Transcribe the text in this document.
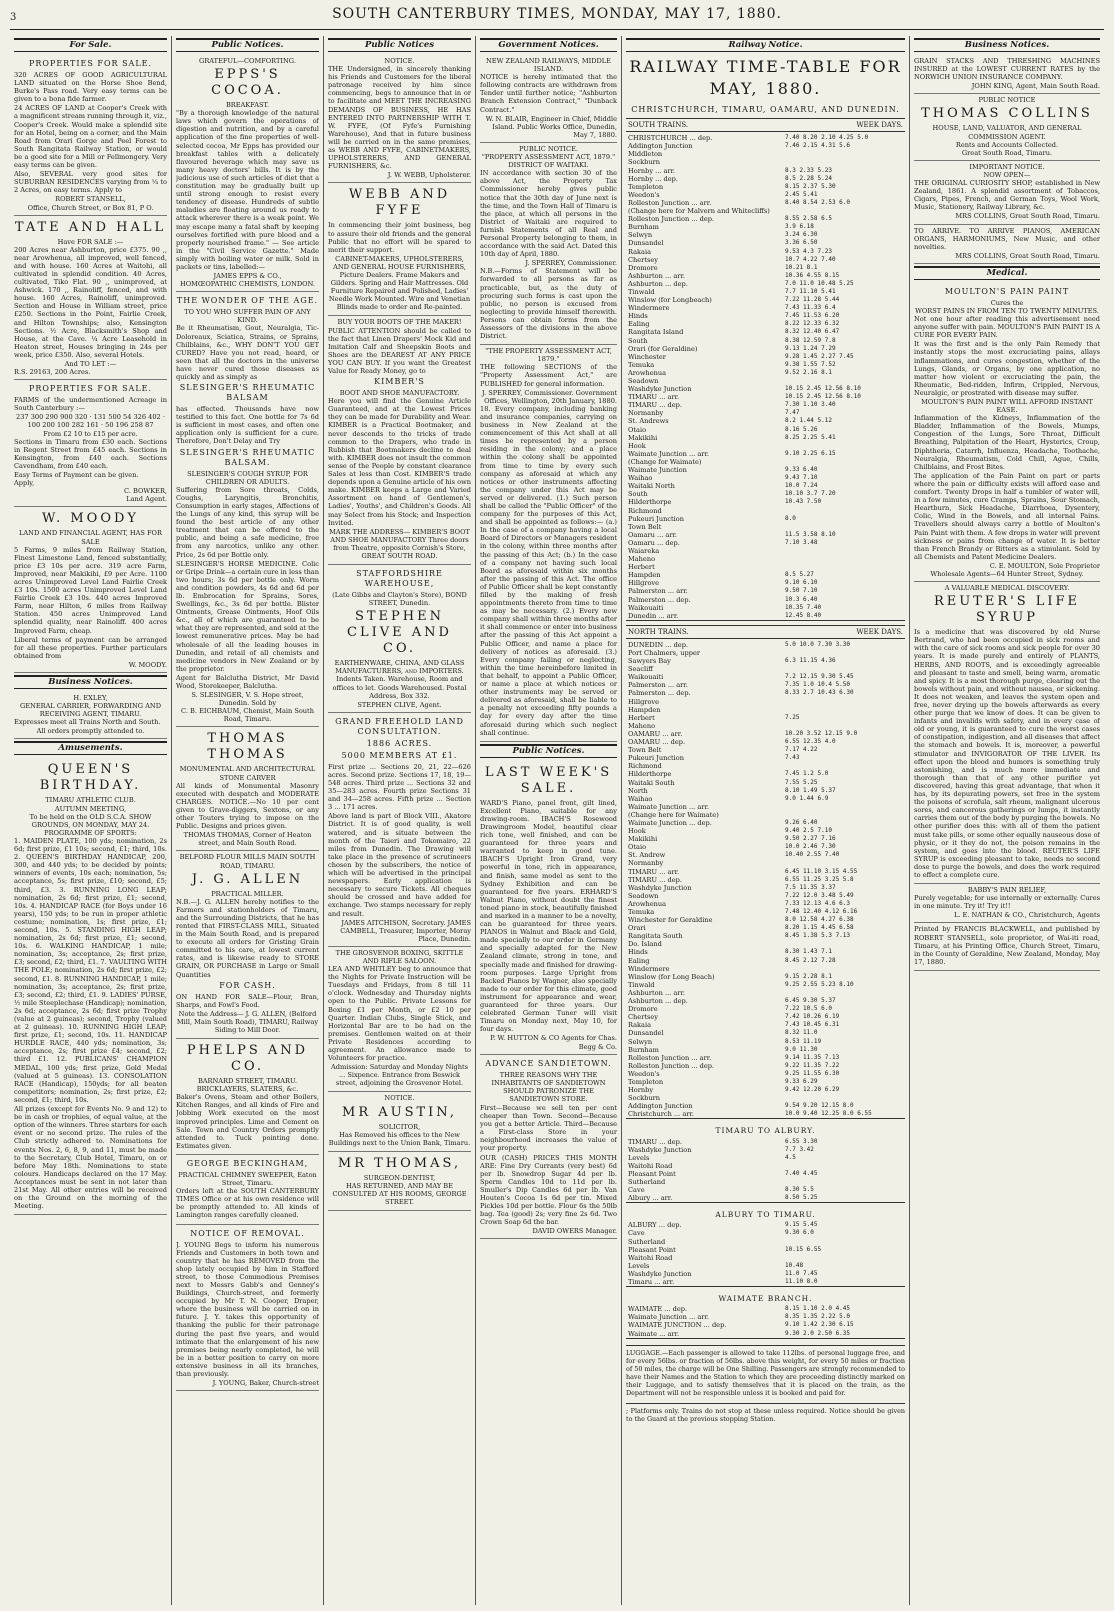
3	SOUTH CANTERBURY TIMES, MONDAY, MAY 17, 1880.
For Sale.
PROPERTIES FOR SALE.

320 ACRES OF GOOD AGRICULTURAL LAND situated on the Horse Shoe Bend, Burke's Pass road. Very easy terms can be given to a bona fide farmer.

24 ACRES OF LAND at Cooper's Creek with a magnificent stream running through it, viz., Cooper's Creek. Would make a splendid site for an Hotel, being on a corner, and the Main Road from Orari Gorge and Peel Forest to South Rangitata Railway Station, or would be a good site for a Mill or Fellmongery. Very easy terms can be given.

Also, SEVERAL very good sites for SUBURBAN RESIDENCES varying from ¼ to 2 Acres, on easy terms. Apply to

ROBERT STANSELL,
Office, Church Street, or Box 81, P O.
TATE AND HALL
Have FOR SALE :—

200 Acres near Ashburton, price £375. 90 ,, near Arowhenua, all improved, well fenced, and with house. 160 Acres at Waitohi, all cultivated in splendid condition. 40 Acres, cultivated, Tiko Flat. 90 ,, unimproved, at Ashwick. 170 ,, Rainoliff, fenced, and with house. 160 Acres, Rainoliff, unimproved. Section and House in William street, price £250. Sections in the Point, Fairlie Creek, and Hilton Townships; also, Kensington Sections. ½ Acre, Blacksmith's Shop and House, at the Cave. ¼ Acre Leasehold in Heaton street, Houses bringing in 24s per week, price £350. Also, several Hotels.

And TO LET :—
R.S. 29163, 200 Acres.
PROPERTIES FOR SALE.

FARMS of the undermentioned Acreage in South Canterbury :—

237 300 290 900 320 · 131 500 54 326 402 · 100 200 100 282 161 · 50 196 258 87
From £2 10 to £15 per acre.

Sections in Timaru from £30 each. Sections in Regent Street from £45 each. Sections in Kensington, from £40 each. Sections Cavendham, from £40 each.

Easy Terms of Payment can be given.
Apply,
C. BOWKER,
Land Agent.
W. MOODY
LAND AND FINANCIAL AGENT, HAS FOR SALE

5 Farms, 9 miles from Railway Station, Finest Limestone Land, fenced substantially, price £3 10s per acre. 319 acre Farm, Improved, near Makikihi, £9 per Acre. 1100 acres Unimproved Level Land Fairlie Creek £3 10s. 1500 acres Unimproved Level Land Fairlie Creek £3 10s. 440 acres Improved Farm, near Hilton, 6 miles from Railway Station. 450 acres Unimproved Land splendid quality, near Rainoliff. 400 acres Improved Farm, cheap.

Liberal terms of payment can be arranged for all these properties. Further particulars obtained from

W. MOODY.
Business Notices.
H. EXLEY,
GENERAL CARRIER, FORWARDING AND RECEIVING AGENT, TIMARU.

Expresses meet all Trains North and South.

All orders promptly attended to.
Amusements.
QUEEN'S BIRTHDAY.
TIMARU ATHLETIC CLUB.
AUTUMN MEETING,
To be held on the OLD S.C.A. SHOW GROUNDS, ON MONDAY, MAY 24.
PROGRAMME OF SPORTS:

1. MAIDEN PLATE, 100 yds; nomination, 2s 6d; first prize, £1 10s; second, £1; third, 10s. 2. QUEEN'S BIRTHDAY HANDICAP, 200, 300, and 440 yds; to be decided by points; winners of events, 10s each; nomination, 5s; acceptance, 5s; first prize, £10; second, £5; third, £3. 3. RUNNING LONG LEAP; nomination, 2s 6d; first prize, £1; second, 10s. 4. HANDICAP RACE (for Boys under 16 years), 150 yds; to be run in proper athletic costume; nomination, 1s; first prize, £1; second, 10s. 5. STANDING HIGH LEAP; nomination, 2s 6d; first prize, £1; second, 10s. 6. WALKING HANDICAP, 1 mile; nomination, 3s; acceptance, 2s; first prize, £3; second, £2; third, £1. 7. VAULTING WITH THE POLE; nomination, 2s 6d; first prize, £2; second, £1. 8. RUNNING HANDICAP, 1 mile; nomination, 3s; acceptance, 2s; first prize, £3; second, £2; third, £1. 9. LADIES' PURSE, ½ mile Steeplechase (Handicap); nomination, 2s 6d; acceptance, 2s 6d; first prize Trophy (value at 2 guineas); second, Trophy (valued at 2 guineas). 10. RUNNING HIGH LEAP; first prize, £1; second, 10s. 11. HANDICAP HURDLE RACE, 440 yds; nomination, 3s; acceptance, 2s; first prize £4; second, £2; third £1. 12. PUBLICANS' CHAMPION MEDAL, 100 yds; first prize, Gold Medal (valued at 5 guineas). 13. CONSOLATION RACE (Handicap), 150yds; for all beaten competitors; nomination, 2s; first prize, £2; second, £1; third, 10s.

All prizes (except for Events No. 9 and 12) to be in cash or trophies, of equal value, at the option of the winners. Three starters for each event or no second prize. The rules of the Club strictly adhered to. Nominations for events Nos. 2, 6, 8, 9, and 11, must be made to the Secretary, Club Hotel, Timaru, on or before May 18th. Nominations to state colours. Handicaps declared on the 17 May. Acceptances must be sent in not later than 21st May. All other entries will be received on the Ground on the morning of the Meeting.

Public Notices.
GRATEFUL—COMFORTING.
EPPS'S COCOA.
BREAKFAST.

"By a thorough knowledge of the natural laws which govern the operations of digestion and nutrition, and by a careful application of the fine properties of well-selected cocoa, Mr Epps has provided our breakfast tables with a delicately flavoured beverage which may save us many heavy doctors' bills. It is by the judicious use of such articles of diet that a constitution may be gradually built up until strong enough to resist every tendency of disease. Hundreds of subtle maladies are floating around us ready to attack wherever there is a weak point. We may escape many a fatal shaft by keeping ourselves fortified with pure blood and a properly nourished frame." — See article in the "Civil Service Gazette." Made simply with boiling water or milk. Sold in packets or tins, labelled:—

JAMES EPPS & CO.,
HOMŒOPATHIC CHEMISTS, LONDON.
THE WONDER OF THE AGE.
TO YOU WHO SUFFER PAIN OF ANY KIND.

Be it Rheumatism, Gout, Neuralgia, Tic-Doloreaux, Sciatica, Strains, or Sprains, Chilblains, &c., WHY DON'T YOU GET CURED? Have you not read, heard, or seen that all the doctors in the universe have never cured those diseases as quickly and as simply as

SLESINGER'S RHEUMATIC BALSAM

has effected. Thousands have now testified to this fact. One bottle for 7s 6d is sufficient in most cases, and often one application only is sufficient for a cure. Therefore, Don't Delay and Try

SLESINGER'S RHEUMATIC BALSAM.
SLESINGER'S COUGH SYRUP, FOR CHILDREN OR ADULTS.

Suffering from Sore throats, Colds, Coughs, Laryngitis, Bronchitis, Consumption in early stages, Affections of the Lungs of any kind, this syrup will be found the best article of any other treatment that can be offered to the public, and being a safe medicine, free from any narcotics, unlike any other. Price, 2s 6d per Bottle only.

SLESINGER'S HORSE MEDICINE. Colic or Gripe Drink—a certain cure in less than two hours; 3s 6d per bottle only. Worm and condition powders, 4s 6d and 6d per lb. Embrocation for Sprains, Sores, Swellings, &c., 3s 6d per bottle. Blister Ointments, Grease Ointments, Hoof Oils &c., all of which are guaranteed to be what they are represented, and sold at the lowest remunerative prices. May be had wholesale of all the leading houses in Dunedin, and retail of all chemists and medicine vendors in New Zealand or by the proprietor.

Agent for Balclutha District, Mr David Wood, Storekeeper, Balclutha.

S. SLESINGER, V. S. Hope street, Dunedin. Sold by
C. B. EICHBAUM, Chemist, Main South Road, Timaru.
THOMAS THOMAS
MONUMENTAL AND ARCHITECTURAL STONE CARVER

All kinds of Monumental Masonry executed with despatch and MODERATE CHARGES. NOTICE.—No 10 per cent given to Grave-diggers, Sextons, or any other Touters trying to impose on the Public. Designs and prices given.

THOMAS THOMAS, Corner of Heaton street, and Main South Road.
BELFORD FLOUR MILLS MAIN SOUTH ROAD, TIMARU.
J. G. ALLEN
PRACTICAL MILLER.

N.B.—J. G. ALLEN hereby notifies to the Farmers and stationholders of Timaru, and the Surrounding Districts, that he has rented that FIRST-CLASS MILL, Situated in the Main South Road, and is prepared to execute all orders for Gristing Grain committed to his care, at lowest current rates, and is likewise ready to STORE GRAIN, OR PURCHASE in Large or Small Quantities

FOR CASH.

ON HAND FOR SALE—Flour, Bran, Sharps, and Fowl's Food.

Note the Address— J. G. ALLEN, (Belford Mill, Main South Road), TIMARU, Railway Siding to Mill Door.

PHELPS AND CO.
BARNARD STREET, TIMARU. BRICKLAYERS, SLATERS, &c.

Baker's Ovens, Steam and other Boilers, Kitchen Ranges, and all kinds of Fire and Jobbing Work executed on the most improved principles. Lime and Cement on Sale. Town and Country Orders promptly attended to. Tuck pointing done. Estimates given.

GEORGE BECKINGHAM,
PRACTICAL CHIMNEY SWEEPER, Eaton Street, Timaru.

Orders left at the SOUTH CANTERBURY TIMES Office or at his own residence will be promptly attended to. All kinds of Lamington ranges carefully cleaned.

NOTICE OF REMOVAL.

J. YOUNG Begs to inform his numerous Friends and Customers in both town and country that he has REMOVED from the shop lately occupied by him in Stafford street, to those Commodious Premises next to Messrs Gabb's and Genney's Buildings, Church-street, and formerly occupied by Mr T. N. Cooper, Draper, where the business will be carried on in future. J. Y. takes this opportunity of thanking the public for their patronage during the past five years, and would intimate that the enlargement of his new premises being nearly completed, he will be in a better position to carry on more extensive business in all its branches, than previously.

J. YOUNG, Baker, Church-street
Public Notices
NOTICE.

THE Undersigned, in sincerely thanking his Friends and Customers for the liberal patronage received by him since commencing, begs to announce that in or to facilitate and MEET THE INCREASING DEMANDS OF BUSINESS, HE HAS ENTERED INTO PARTNERSHIP WITH T. W. FYFE, (Of Fyfe's Furnishing Warehouse), And that in future business will be carried on in the same premises, as WEBB AND FYFE, CABINETMAKERS, UPHOLSTERERS, AND GENERAL FURNISHERS, &c.

J. W. WEBB, Upholsterer.
WEBB AND FYFE

In commencing their joint business, beg to assure their old friends and the general Public that no effort will be spared to merit their support.

CABINET-MAKERS, UPHOLSTERERS, AND GENERAL HOUSE FURNISHERS,

Picture Dealers. Frame Makers and Gilders. Spring and Hair Mattresses. Old Furniture Repaired and Polished, Ladies' Needle Work Mounted. Wire and Venetian Blinds made to order and Re-painted.

BUY YOUR BOOTS OF THE MAKER!

PUBLIC ATTENTION should be called to the fact that Linen Drapers' Mock Kid and Imitation Calf and Sheepskin Boots and Shoes are the DEAREST AT ANY PRICE YOU CAN BUY. If you want the Greatest Value for Ready Money, go to

KIMBER'S
BOOT AND SHOE MANUFACTORY.

Here you will find the Genuine Article Guaranteed, and at the Lowest Prices they can be made for Durability and Wear. KIMBER is a Practical Bootmaker, and never descends to the tricks of trade common to the Drapers, who trade in Rubbish that Bootmakers decline to deal with. KIMBER does not insult the common sense of the People by constant clearance Sales at less than Cost. KIMBER'S trade depends upon a Genuine article of his own make. KIMBER keeps a Large and Varied Assortment on hand of Gentlemen's, Ladies', Youths', and Children's Goods. All may Select from his Stock; and Inspection Invited.

MARK THE ADDRESS— KIMBER'S BOOT AND SHOE MANUFACTORY Three doors from Theatre, opposite Cornish's Store, GREAT SOUTH ROAD.

STAFFORDSHIRE WAREHOUSE,
(Late Gibbs and Clayton's Store), BOND STREET, Dunedin.
STEPHEN CLIVE AND CO.
EARTHENWARE, CHINA, AND GLASS MANUFACTURERS, and IMPORTERS.

Indents Taken. Warehouse, Room and offices to let. Goods Warehoused. Postal Address, Box 332.

STEPHEN CLIVE, Agent.
GRAND FREEHOLD LAND CONSULTATION.
1886 ACRES.
5000 MEMBERS AT £1.

First prize ... Sections 20, 21, 22—626 acres. Second prize. Sections 17, 18, 19—548 acres. Third prize ... Sections 32 and 35—283 acres. Fourth prize Sections 31 and 34—258 acres. Fifth prize ... Section 3 ... 171 acres.

Above land is part of Block VIII., Akatore District. It is of good quality, is well watered, and is situate between the month of the Taieri and Tokomairo, 22 miles from Dunedin. The Drawing will take place in the presence of scrutineers chosen by the subscribers, the notice of which will be advertised in the principal newspapers. Early application is necessary to secure Tickets. All cheques should be crossed and have added for exchange. Two stamps necessary for reply and result.

JAMES AITCHISON, Secretary. JAMES CAMBELL, Treasurer, Importer, Moray Place, Dunedin.
THE GROSVENOR BOXING, SKITTLE AND RIFLE SALOON.

LEA AND WHITLEY beg to announce that the Nights for Private Instruction will be Tuesdays and Fridays, from 8 till 11 o'clock. Wednesday and Thursday nights open to the Public. Private Lessons for Boxing £1 per Month, or £2 10 per Quarter. Indian Clubs, Single Stick, and Horizontal Bar are to be had on the premises. Gentlemen waited on at their Private Residences according to agreement. An allowance made to Volunteers for practice.

Admission: Saturday and Monday Nights ... Sixpence. Entrance from Beswick street, adjoining the Grosvenor Hotel.

NOTICE.
MR AUSTIN,
SOLICITOR,

Has Removed his offices to the New Buildings next to the Union Bank, Timaru.

MR THOMAS,
SURGEON-DENTIST,

HAS RETURNED, AND MAY BE CONSULTED AT HIS ROOMS, GEORGE STREET.

Government Notices.
NEW ZEALAND RAILWAYS, MIDDLE ISLAND.

NOTICE is hereby intimated that the following contracts are withdrawn from Tender until further notice; "Ashburton Branch Extension Contract," "Dunback Contract."

W. N. BLAIR, Engineer in Chief, Middle Island. Public Works Office, Dunedin, May 7, 1880.
PUBLIC NOTICE.
"PROPERTY ASSESSMENT ACT, 1879."
DISTRICT OF WAITAKI.

IN accordance with section 30 of the above Act, the Property Tax Commissioner hereby gives public notice that the 30th day of June next is the time, and the Town Hall of Timaru is the place, at which all persons in the District of Waitaki are required to furnish Statements of all Real and Personal Property belonging to them, in accordance with the said Act. Dated this 10th day of April, 1880.

J. SPERREY, Commissioner.

N.B.—Forms of Statement will be forwarded to all persons as far as practicable, but, as the duty of procuring such forms is cast upon the public, no person is excused from neglecting to provide himself therewith. Persons can obtain forms from the Assessors of the divisions in the above District.

"THE PROPERTY ASSESSMENT ACT, 1879."

THE following SECTIONS of the "Property Assessment Act," are PUBLISHED for general information.

J. SPERREY, Commissioner. Government Offices, Wellington, 20th January, 1880.

18. Every company, including banking and insurance companies, carrying on business in New Zealand at the commencement of this Act shall at all times be represented by a person residing in the colony; and a place within the colony shall be appointed from time to time by every such company as aforesaid at which any notices or other instruments affecting the company under this Act may be served or delivered. (1.) Such person shall be called the "Public Officer" of the company for the purposes of this Act, and shall be appointed as follows:— (a.) In the case of a company having a local Board of Directors or Managers resident in the colony, within three months after the passing of this Act; (b.) In the case of a company not having such local Board as aforesaid within six months after the passing of this Act. The office of Public Officer shall be kept constantly filled by the making of fresh appointments thereto from time to time as may be necessary. (2.) Every new company shall within three months after it shall commence or enter into business after the passing of this Act appoint a Public Officer, and name a place for delivery of notices as aforesaid. (3.) Every company failing or neglecting, within the time hereinbefore limited in that behalf, to appoint a Public Officer, or name a place at which notices or other instruments may be served or delivered as aforesaid, shall be liable to a penalty not exceeding fifty pounds a day for every day after the time aforesaid during which such neglect shall continue.

Public Notices.
LAST WEEK'S SALE.

WARD'S Piano, panel front, gilt lined, Excellent Piano, suitable for any drawing-room. IBACH'S Rosewood Drawingroom Model, beautiful clear rich tone, well finished, and can be guaranteed for three years and warranted to keep in good tune. IBACH'S Upright Iron Grand, very powerful in tone, rich in appearance, and finish, same model as sent to the Sydney Exhibition and can be guaranteed for five years. ERHARD'S Walnut Piano, without doubt the finest toned piano in stock, beautifully finished and marked in a manner to be a novelty, can be guaranteed for three years. PIANOS in Walnut and Black and Gold, made specially to our order in Germany and specially adapted for the New Zealand climate, strong in tone, and specially made and finished for drawing-room purposes. Large Upright from Backed Pianos by Wagner, also specially made to our order for this climate, good instrument for appearance and wear, guaranteed for three years. Our celebrated German Tuner will visit Timaru on Monday next, May 10, for four days.

P. W. HUTTON & CO Agents for Chas. Begg & Co.
ADVANCE SANDIETOWN.

THREE REASONS WHY THE INHABITANTS OF SANDIETOWN SHOULD PATRONIZE THE SANDIETOWN STORE.

First—Because we sell ten per cent cheaper than Town. Second—Because you get a better Article. Third—Because a First-class Store in your neighbourhood increases the value of your property.

OUR (CASH) PRICES THIS MONTH ARE: Fine Dry Currants (very best) 6d per lb. Snowdrop Sugar 4d per lb. Sperm Candles 10d to 11d per lb. Smuller's Dip Candles 6d per lb. Van Houten's Cocoa 1s 6d per tin. Mixed Pickles 10d per bottle. Flour 6s the 50lb bag. Tea (good) 2s; very fine 2s 6d. Two Crown Soap 6d the bar.

DAVID OWERS Manager.
Railway Notice.
RAILWAY TIME-TABLE FOR MAY, 1880.
CHRISTCHURCH, TIMARU, OAMARU, AND DUNEDIN.
SOUTH TRAINS.	WEEK DAYS.
CHRISTCHURCH ... dep.	7.40 8.20 2.10 4.25 5.0
Addington Junction	7.46 2.15 4.31 5.6
Middleton
Sockburn
Hornby ... arr.	8.3 2.33 5.23
Hornby ... dep.	8.5 2.28 5.24
Templeton	8.15 2.37 5.30
Weedon's	2.45 5.41
Rolleston Junction ... arr.	8.40 8.54 2.53 6.0
(Change here for Malvern and Whitecliffs)
Rolleston Junction ... dep.	8.55 2.58 6.5
Burnham	3.9 6.18
Selwyn	3.24 6.30
Dunsandel	3.36 6.50
Rakaia	9.53 4.3 7.23
Chertsey	10.7 4.22 7.40
Dromore	10.21 8.1
Ashburton ... arr.	10.36 4.55 8.15
Ashburton ... dep.	7.0 11.0 10.48 5.25
Tinwald	7.7 11.10 5.41
Winslow (for Longbeach)	7.22 11.28 5.44
Windermere	7.43 11.33 6.4
Hinds	7.45 11.53 6.20
Ealing	8.22 12.33 6.32
Rangitata Island	8.32 12.40 6.47
South	8.38 12.59 7.8
Orari (for Geraldine)	9.13 1.24 7.29
Winchester	9.28 1.45 2.27 7.45
Temuka	9.38 1.55 7.52
Arowhenua	9.52 2.16 8.1
Seadown
Washdyke Junction	10.15 2.45 12.56 8.10
TIMARU ... arr.	10.15 2.45 12.56 8.10
TIMARU ... dep.	7.30 1.10 3.40
Normanby	7.47
St. Andrews	8.2 1.44 5.12
Otaio	8.16 5.26
Makikihi	8.25 2.25 5.41
Hook
Waimate Junction ... arr.	9.10 2.25 6.15
(Change for Waimate)
Waimate Junction	9.33 6.40
Waihao	9.43 7.10
Waitaki North	10.0 7.24
South	10.10 3.7 7.20
Hilderthorpe	10.43 7.50
Richmond
Pukeuri Junction	8.0
Town Belt
Oamaru ... arr.	11.5 3.58 8.10
Oamaru ... dep.	7.10 3.48
Waiareka
Maheno
Herbert
Hampden	8.5 5.27
Hillgrove	9.10 6.10
Palmerston ... arr.	9.50 7.10
Palmerston ... dep.	10.3 6.40
Waikouaiti	10.35 7.40
Dunedin ... arr.	12.45 8.40
NORTH TRAINS.	WEEK DAYS.
DUNEDIN ... dep.	5.0 10.0 7.30 3.30
Port Chalmers, upper
Sawyers Bay	6.3 11.15 4.36
Seacliff
Waikouaiti	7.2 12.15 9.30 5.45
Palmerston ... arr.	7.35 1.0 10.4 5.50
Palmerston ... dep.	8.33 2.7 10.43 6.30
Hillgrove
Hampden
Herbert	7.25
Maheno
OAMARU ... arr.	10.20 3.52 12.15 9.0
OAMARU ... dep.	6.55 12.35 4.0
Town Belt	7.17 4.22
Pukeuri Junction	7.43
Richmond
Hilderthorpe	7.45 1.2 5.0
Waitaki South	7.55 5.25
North	8.10 1.49 5.37
Waihao	9.0 1.44 6.9
Waimate Junction ... arr.
(Change here for Waimate)
Waimate Junction ... dep.	9.26 6.40
Hook	9.40 2.5 7.10
Makikihi	9.50 2.27 7.16
Otaio	10.0 2.46 7.30
St. Andrew	10.40 2.55 7.40
Normanby
TIMARU ... arr.	6.45 11.10 3.15 4.55
TIMARU ... dep.	6.55 11.25 3.25 5.8
Washdyke Junction	7.5 11.35 3.37
Seadown	7.22 12.0 3.48 5.49
Arowhenua	7.33 12.13 4.6 6.3
Temuka	7.48 12.40 4.12 6.16
Winchester for Geraldine	8.0 12.58 4.27 6.38
Orari	8.20 1.15 4.45 6.58
Rangitata South	8.45 1.38 5.3 7.13
Do. Island
Hinds	8.30 1.43 7.1
Ealing	8.45 2.12 7.28
Windermere
Winslow (for Long Beach)	9.15 2.28 8.1
Tinwald	9.25 2.55 5.23 8.10
Ashburton ... arr.
Ashburton ... dep.	6.45 9.30 5.37
Dromore	7.22 10.5 6.0
Chertsey	7.42 10.26 6.19
Rakaia	7.43 10.45 6.31
Dunsandel	8.32 11.0
Selwyn	8.53 11.19
Burnham	9.0 11.30
Rolleston Junction ... arr.	9.14 11.35 7.13
Rolleston Junction ... dep.	9.22 11.35 7.22
Weedon's	9.25 11.55 6.30
Templeton	9.33 6.29
Hornby	9.42 12.20 6.29
Sockburn
Addington Junction	9.54 9.20 12.15 8.0
Christchurch ... arr.	10.0 9.40 12.25 8.0 6.55
TIMARU TO ALBURY.
TIMARU ... dep.	6.55 3.30
Washdyke Junction	7.7 3.42
Levels	4.5
Waitohi Road
Pleasant Point	7.40 4.45
Sutherland
Cave	8.30 5.5
Albury ... arr.	8.50 5.25
ALBURY TO TIMARU.
ALBURY ... dep.	9.15 5.45
Cave	9.30 6.0
Sutherland
Pleasant Point	10.15 6.55
Waitohi Road
Levels	10.48
Washdyke Junction	11.0 7.45
Timaru ... arr.	11.10 8.0
WAIMATE BRANCH.
WAIMATE ... dep.	8.15 1.10 2.0 4.45
Waimate Junction ... arr.	8.35 1.35 2.22 5.0
WAIMATE JUNCTION ... dep.	9.10 1.42 2.30 6.15
Waimate ... arr.	9.30 2.0 2.50 6.35
LUGGAGE.—Each passenger is allowed to take 112lbs. of personal luggage free, and for every 56lbs. or fraction of 56lbs. above this weight, for every 50 miles or fraction of 50 miles, the charge will be One Shilling. Passengers are strongly recommended to have their Names and the Station to which they are proceeding distinctly marked on their Luggage, and to satisfy themselves that it is placed on the train, as the Department will not be responsible unless it is booked and paid for.
; Platforms only. Trains do not stop at these unless required. Notice should be given to the Guard at the previous stopping Station.
Business Notices.

GRAIN STACKS AND THRESHING MACHINES INSURED at the LOWEST CURRENT RATES by the NORWICH UNION INSURANCE COMPANY.

JOHN KING, Agent, Main South Road.
PUBLIC NOTICE
THOMAS COLLINS
HOUSE, LAND, VALUATOR, AND GENERAL COMMISSION AGENT.
Rents and Accounts Collected.
Great South Road, Timaru.
IMPORTANT NOTICE.
NOW OPEN—

THE ORIGINAL CURIOSITY SHOP, established in New Zealand, 1861. A splendid assortment of Tobaccos, Cigars, Pipes, French, and German Toys, Wool Work, Music, Stationery, Railway Library, &c.

MRS COLLINS, Great South Road, Timaru.

TO ARRIVE. TO ARRIVE PIANOS, AMERICAN ORGANS, HARMONIUMS, New Music, and other novelties.

MRS COLLINS, Great South Road, Timaru.
Medical.
MOULTON'S PAIN PAINT
Cures the
WORST PAINS IN FROM TEN TO TWENTY MINUTES.

Not one hour after reading this advertisement need anyone suffer with pain. MOULTON'S PAIN PAINT IS A CURE FOR EVERY PAIN.

It was the first and is the only Pain Remedy that instantly stops the most excruciating pains, allays inflammations, and cures congestion, whether of the Lungs, Glands, or Organs, by one application, no matter how violent or excruciating the pain, the Rheumatic, Bed-ridden, Infirm, Crippled, Nervous, Neuralgic, or prostrated with disease may suffer.

MOULTON'S PAIN PAINT WILL AFFORD INSTANT EASE.

Inflammation of the Kidneys, Inflammation of the Bladder, Inflammation of the Bowels, Mumps, Congestion of the Lungs, Sore Throat, Difficult Breathing, Palpitation of the Heart, Hysterics, Croup, Diphtheria, Catarrh, Influenza, Headache, Toothache, Neuralgia, Rheumatism, Cold Chill, Ague, Chills, Chilblains, and Frost Bites.

The application of the Pain Paint on part or parts where the pain or difficulty exists will afford ease and comfort. Twenty Drops in half a tumbler of water will, in a few minutes, cure Cramps, Sprains, Sour Stomach, Heartburn, Sick Headache, Diarrhoea, Dysentery, Colic, Wind in the Bowels, and all internal Pains. Travellers should always carry a bottle of Moulton's Pain Paint with them. A few drops in water will prevent sickness or pains from change of water. It is better than French Brandy or Bitters as a stimulant. Sold by all Chemists and Patent Medicine Dealers.

C. E. MOULTON, Sole Proprietor
Wholesale Agents—64 Hunter Street, Sydney.
A VALUABLE MEDICAL DISCOVERY.
REUTER'S LIFE SYRUP

Is a medicine that was discovered by old Nurse Bertrand, who had been occupied in sick rooms and with the care of sick rooms and sick people for over 30 years. It is made purely and entirely of PLANTS, HERBS, AND ROOTS, and is exceedingly agreeable and pleasant to taste and smell, being warm, aromatic and spicy. It is a most thorough purge, clearing out the bowels without pain, and without nausea, or sickening. It does not weaken, and leaves the system open and free, never drying up the bowels afterwards as every other purge that we know of does. It can be given to infants and invalids with safety, and in every case of old or young, it is guaranteed to cure the worst cases of constipation, indigestion, and all diseases that affect the stomach and bowels. It is, moreover, a powerful stimulator and INVIGORATOR OF THE LIVER. Its effect upon the blood and humors is something truly astonishing, and is much more immediate and thorough than that of any other purifier yet discovered, having this great advantage, that when it has, by its depurating powers, set free in the system the poisons of scrofula, salt rheum, malignant ulcerous sores, and cancerous gatherings or lumps, it instantly carries them out of the body by purging the bowels. No other purifier does this: with all of them the patient must take pills, or some other equally nauseous dose of physic, or it they do not, the poison remains in the system, and goes into the blood. REUTER'S LIFE SYRUP is exceeding pleasant to take, needs no second dose to purge the bowels, and does the work required to effect a complete cure.

BABBY'S PAIN RELIEF,

Purely vegetable; for use internally or externally. Cures in one minute. Try it! Try it!!

L. E. NATHAN & CO., Christchurch, Agents

Printed by FRANCIS BLACKWELL, and published by ROBERT STANSELL, sole proprietor, of Wai-iti road, Timaru, at his Printing Office, Church Street, Timaru, in the County of Geraldine, New Zealand, Monday, May 17, 1880.
